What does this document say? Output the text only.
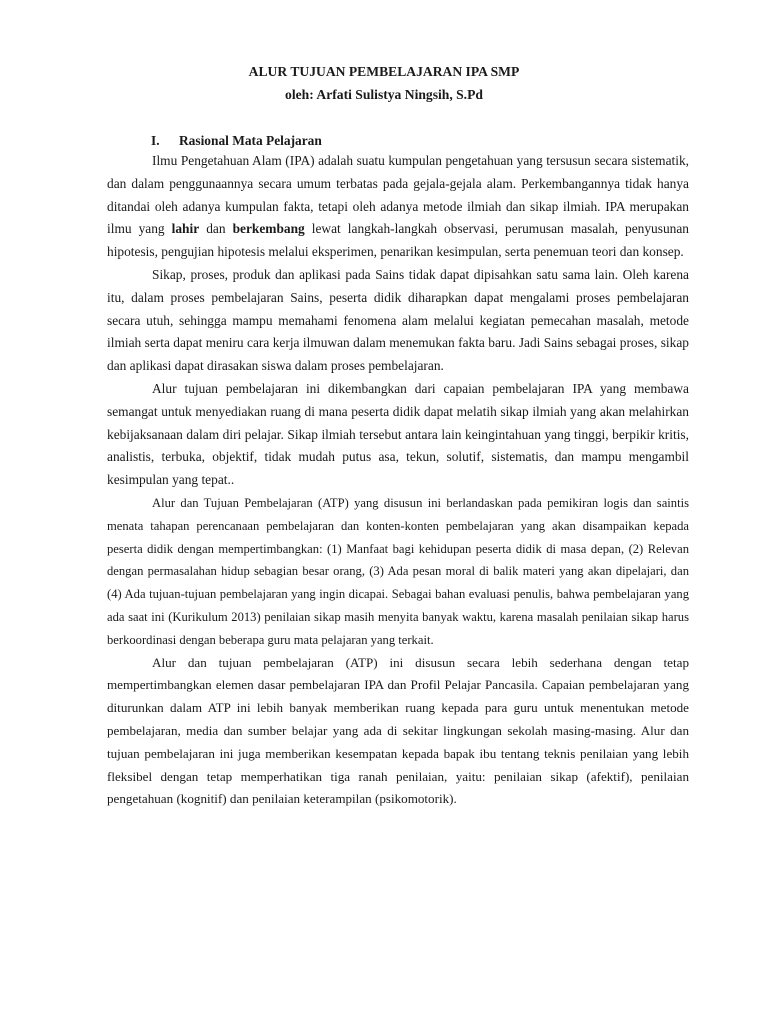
ALUR TUJUAN PEMBELAJARAN IPA SMP
oleh: Arfati Sulistya Ningsih, S.Pd
I. Rasional Mata Pelajaran

Ilmu Pengetahuan Alam (IPA) adalah suatu kumpulan pengetahuan yang tersusun secara sistematik, dan dalam penggunaannya secara umum terbatas pada gejala-gejala alam. Perkembangannya tidak hanya ditandai oleh adanya kumpulan fakta, tetapi oleh adanya metode ilmiah dan sikap ilmiah. IPA merupakan ilmu yang lahir dan berkembang lewat langkah-langkah observasi, perumusan masalah, penyusunan hipotesis, pengujian hipotesis melalui eksperimen, penarikan kesimpulan, serta penemuan teori dan konsep.

Sikap, proses, produk dan aplikasi pada Sains tidak dapat dipisahkan satu sama lain. Oleh karena itu, dalam proses pembelajaran Sains, peserta didik diharapkan dapat mengalami proses pembelajaran secara utuh, sehingga mampu memahami fenomena alam melalui kegiatan pemecahan masalah, metode ilmiah serta dapat meniru cara kerja ilmuwan dalam menemukan fakta baru. Jadi Sains sebagai proses, sikap dan aplikasi dapat dirasakan siswa dalam proses pembelajaran.

Alur tujuan pembelajaran ini dikembangkan dari capaian pembelajaran IPA yang membawa semangat untuk menyediakan ruang di mana peserta didik dapat melatih sikap ilmiah yang akan melahirkan kebijaksanaan dalam diri pelajar. Sikap ilmiah tersebut antara lain keingintahuan yang tinggi, berpikir kritis, analistis, terbuka, objektif, tidak mudah putus asa, tekun, solutif, sistematis, dan mampu mengambil kesimpulan yang tepat..

Alur dan Tujuan Pembelajaran (ATP) yang disusun ini berlandaskan pada pemikiran logis dan saintis menata tahapan perencanaan pembelajaran dan konten-konten pembelajaran yang akan disampaikan kepada peserta didik dengan mempertimbangkan: (1) Manfaat bagi kehidupan peserta didik di masa depan, (2) Relevan dengan permasalahan hidup sebagian besar orang, (3) Ada pesan moral di balik materi yang akan dipelajari, dan (4) Ada tujuan-tujuan pembelajaran yang ingin dicapai. Sebagai bahan evaluasi penulis, bahwa pembelajaran yang ada saat ini (Kurikulum 2013) penilaian sikap masih menyita banyak waktu, karena masalah penilaian sikap harus berkoordinasi dengan beberapa guru mata pelajaran yang terkait.

Alur dan tujuan pembelajaran (ATP) ini disusun secara lebih sederhana dengan tetap mempertimbangkan elemen dasar pembelajaran IPA dan Profil Pelajar Pancasila. Capaian pembelajaran yang diturunkan dalam ATP ini lebih banyak memberikan ruang kepada para guru untuk menentukan metode pembelajaran, media dan sumber belajar yang ada di sekitar lingkungan sekolah masing-masing. Alur dan tujuan pembelajaran ini juga memberikan kesempatan kepada bapak ibu tentang teknis penilaian yang lebih fleksibel dengan tetap memperhatikan tiga ranah penilaian, yaitu: penilaian sikap (afektif), penilaian pengetahuan (kognitif) dan penilaian keterampilan (psikomotorik).
